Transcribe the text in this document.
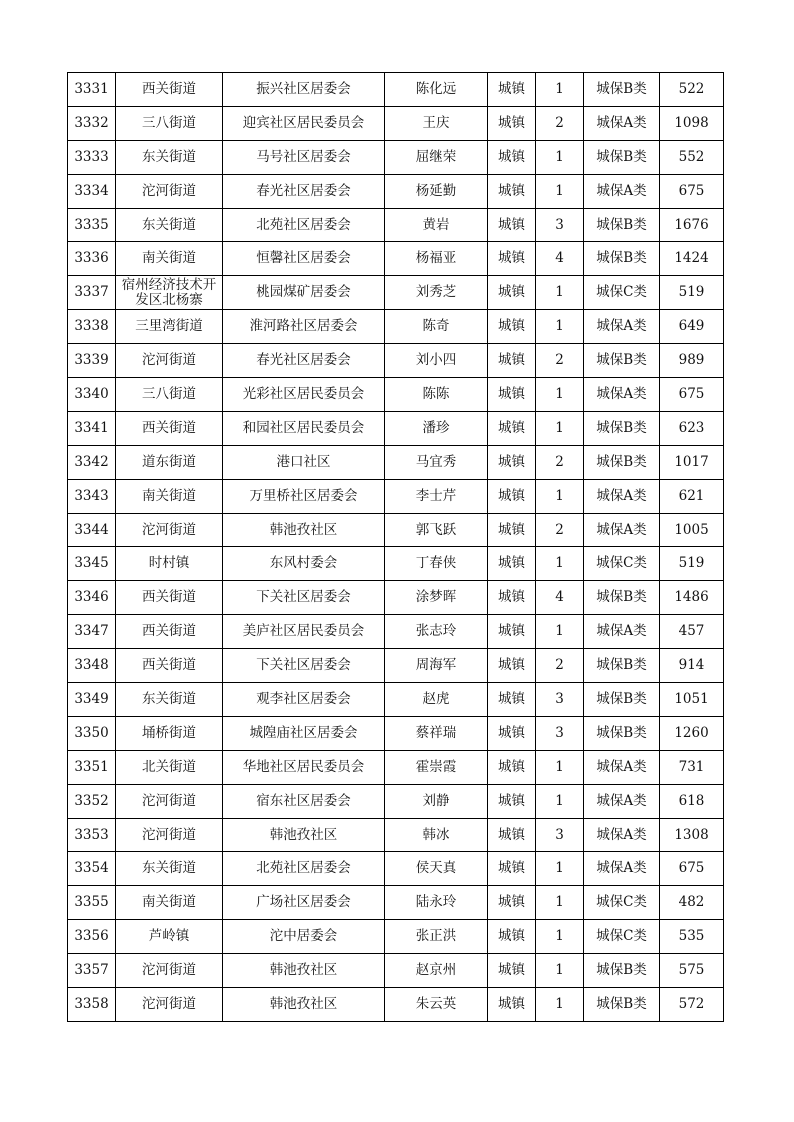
3331	西关街道	振兴社区居委会	陈化远	城镇	1	城保B类	522
3332	三八街道	迎宾社区居民委员会	王庆	城镇	2	城保A类	1098
3333	东关街道	马号社区居委会	屈继荣	城镇	1	城保B类	552
3334	沱河街道	春光社区居委会	杨延勤	城镇	1	城保A类	675
3335	东关街道	北苑社区居委会	黄岩	城镇	3	城保B类	1676
3336	南关街道	恒馨社区居委会	杨福亚	城镇	4	城保B类	1424
3337	宿州经济技术开发区北杨寨	桃园煤矿居委会	刘秀芝	城镇	1	城保C类	519
3338	三里湾街道	淮河路社区居委会	陈奇	城镇	1	城保A类	649
3339	沱河街道	春光社区居委会	刘小四	城镇	2	城保B类	989
3340	三八街道	光彩社区居民委员会	陈陈	城镇	1	城保A类	675
3341	西关街道	和园社区居民委员会	潘珍	城镇	1	城保B类	623
3342	道东街道	港口社区	马宜秀	城镇	2	城保B类	1017
3343	南关街道	万里桥社区居委会	李士芹	城镇	1	城保A类	621
3344	沱河街道	韩池孜社区	郭飞跃	城镇	2	城保A类	1005
3345	时村镇	东风村委会	丁春侠	城镇	1	城保C类	519
3346	西关街道	下关社区居委会	涂梦晖	城镇	4	城保B类	1486
3347	西关街道	美庐社区居民委员会	张志玲	城镇	1	城保A类	457
3348	西关街道	下关社区居委会	周海军	城镇	2	城保B类	914
3349	东关街道	观李社区居委会	赵虎	城镇	3	城保B类	1051
3350	埇桥街道	城隍庙社区居委会	蔡祥瑞	城镇	3	城保B类	1260
3351	北关街道	华地社区居民委员会	霍崇霞	城镇	1	城保A类	731
3352	沱河街道	宿东社区居委会	刘静	城镇	1	城保A类	618
3353	沱河街道	韩池孜社区	韩冰	城镇	3	城保A类	1308
3354	东关街道	北苑社区居委会	侯天真	城镇	1	城保A类	675
3355	南关街道	广场社区居委会	陆永玲	城镇	1	城保C类	482
3356	芦岭镇	沱中居委会	张正洪	城镇	1	城保C类	535
3357	沱河街道	韩池孜社区	赵京州	城镇	1	城保B类	575
3358	沱河街道	韩池孜社区	朱云英	城镇	1	城保B类	572
